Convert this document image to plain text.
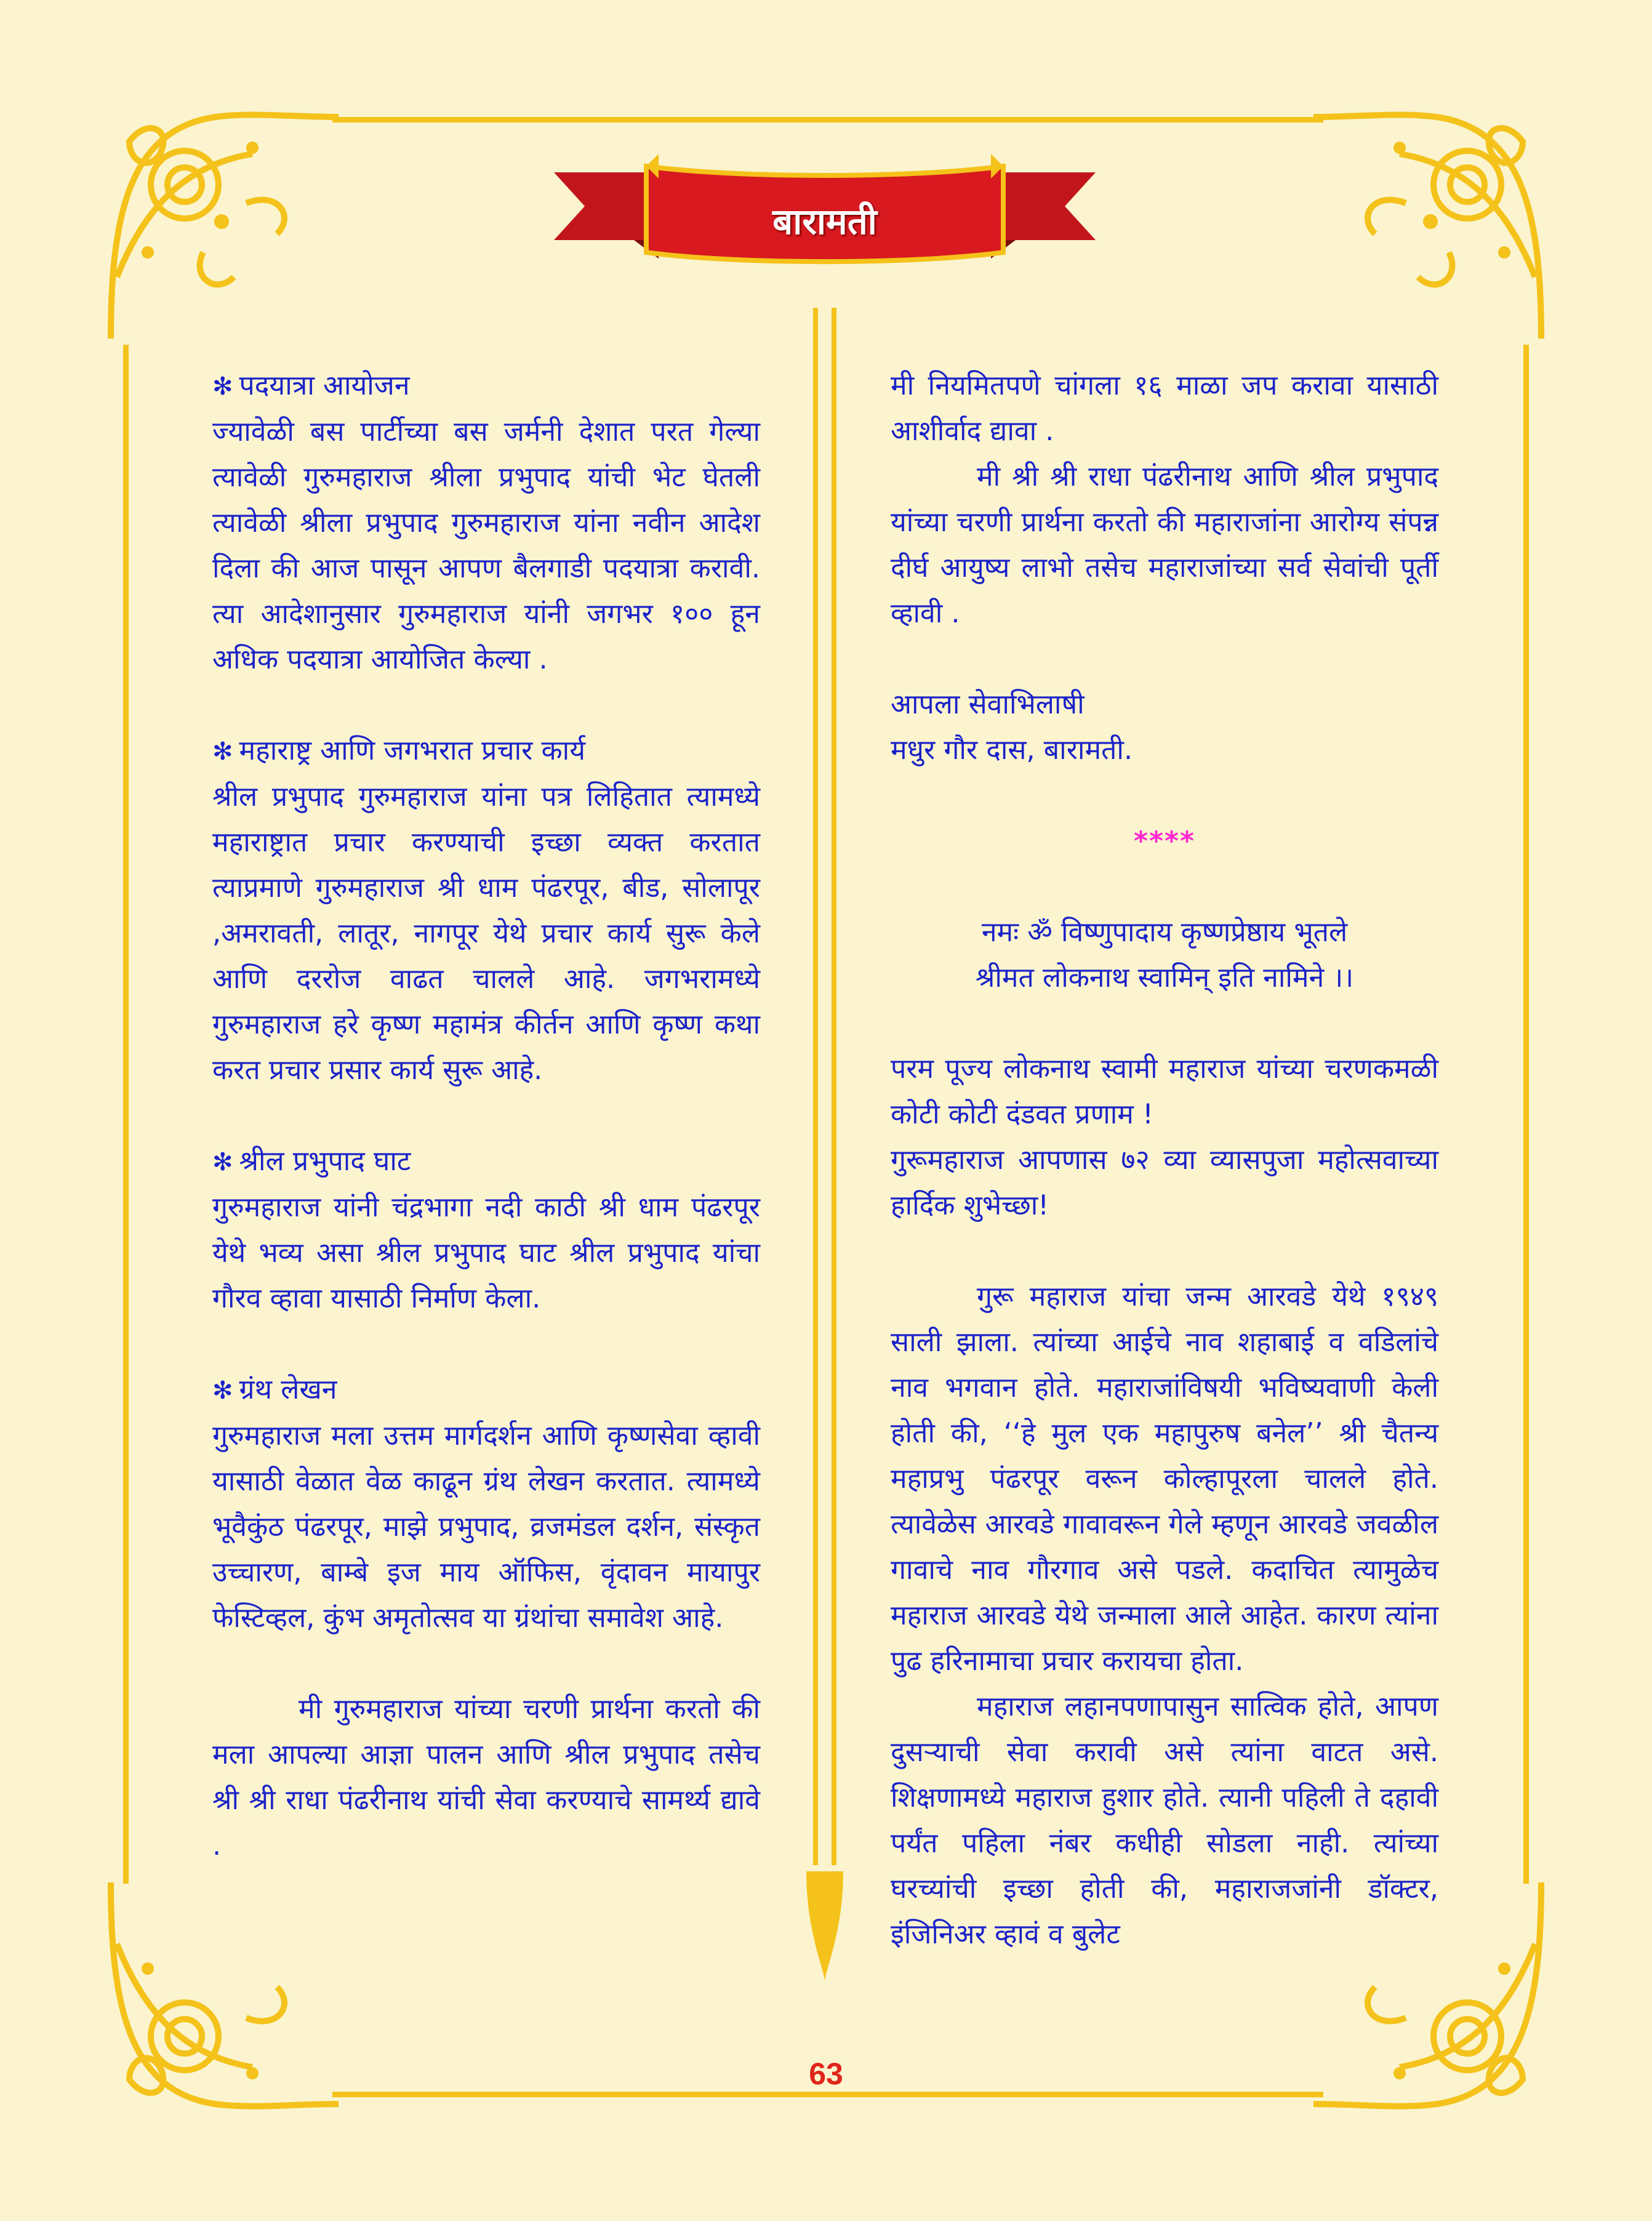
बारामती

✻ पदयात्रा आयोजन

ज्यावेळी बस पार्टीच्या बस जर्मनी देशात परत गेल्या त्यावेळी गुरुमहाराज श्रीला प्रभुपाद यांची भेट घेतली त्यावेळी श्रीला प्रभुपाद गुरुमहाराज यांना नवीन आदेश दिला की आज पासून आपण बैलगाडी पदयात्रा करावी. त्या आदेशानुसार गुरुमहाराज यांनी जगभर १०० हून अधिक पदयात्रा आयोजित केल्या .

✻ महाराष्ट्र आणि जगभरात प्रचार कार्य

श्रील प्रभुपाद गुरुमहाराज यांना पत्र लिहितात त्यामध्ये महाराष्ट्रात प्रचार करण्याची इच्छा व्यक्त करतात त्याप्रमाणे गुरुमहाराज श्री धाम पंढरपूर, बीड, सोलापूर ,अमरावती, लातूर, नागपूर येथे प्रचार कार्य सुरू केले आणि दररोज वाढत चालले आहे. जगभरामध्ये गुरुमहाराज हरे कृष्ण महामंत्र कीर्तन आणि कृष्ण कथा करत प्रचार प्रसार कार्य सुरू आहे.

✻ श्रील प्रभुपाद घाट

गुरुमहाराज यांनी चंद्रभागा नदी काठी श्री धाम पंढरपूर येथे भव्य असा श्रील प्रभुपाद घाट श्रील प्रभुपाद यांचा गौरव व्हावा यासाठी निर्माण केला.

✻ ग्रंथ लेखन

गुरुमहाराज मला उत्तम मार्गदर्शन आणि कृष्णसेवा व्हावी यासाठी वेळात वेळ काढून ग्रंथ लेखन करतात. त्यामध्ये भूवैकुंठ पंढरपूर, माझे प्रभुपाद, व्रजमंडल दर्शन, संस्कृत उच्चारण, बाम्बे इज माय ऑफिस, वृंदावन मायापुर फेस्टिव्हल, कुंभ अमृतोत्सव या ग्रंथांचा समावेश आहे.

मी गुरुमहाराज यांच्या चरणी प्रार्थना करतो की मला आपल्या आज्ञा पालन आणि श्रील प्रभुपाद तसेच श्री श्री राधा पंढरीनाथ यांची सेवा करण्याचे सामर्थ्य द्यावे .

मी नियमितपणे चांगला १६ माळा जप करावा यासाठी आशीर्वाद द्यावा .

मी श्री श्री राधा पंढरीनाथ आणि श्रील प्रभुपाद यांच्या चरणी प्रार्थना करतो की महाराजांना आरोग्य संपन्न दीर्घ आयुष्य लाभो तसेच महाराजांच्या सर्व सेवांची पूर्ती व्हावी .

आपला सेवाभिलाषी

मधुर गौर दास, बारामती.

****

नमः ॐ विष्णुपादाय कृष्णप्रेष्ठाय भूतले

श्रीमत लोकनाथ स्वामिन् इति नामिने ।।

परम पूज्य लोकनाथ स्वामी महाराज यांच्या चरणकमळी कोटी कोटी दंडवत प्रणाम !

गुरूमहाराज आपणास ७२ व्या व्यासपुजा महोत्सवाच्या हार्दिक शुभेच्छा!

गुरू महाराज यांचा जन्म आरवडे येथे १९४९ साली झाला. त्यांच्या आईचे नाव शहाबाई व वडिलांचे नाव भगवान होते. महाराजांविषयी भविष्यवाणी केली होती की, ‘‘हे मुल एक महापुरुष बनेल’’ श्री चैतन्य महाप्रभु पंढरपूर वरून कोल्हापूरला चालले होते. त्यावेळेस आरवडे गावावरून गेले म्हणून आरवडे जवळील गावाचे नाव गौरगाव असे पडले. कदाचित त्यामुळेच महाराज आरवडे येथे जन्माला आले आहेत. कारण त्यांना पुढ हरिनामाचा प्रचार करायचा होता.

महाराज लहानपणापासुन सात्विक होते, आपण दुसऱ्याची सेवा करावी असे त्यांना वाटत असे. शिक्षणामध्ये महाराज हुशार होते. त्यानी पहिली ते दहावी पर्यंत पहिला नंबर कधीही सोडला नाही. त्यांच्या घरच्यांची इच्छा होती की, महाराजजांनी डॉक्टर, इंजिनिअर व्हावं व बुलेट

63
